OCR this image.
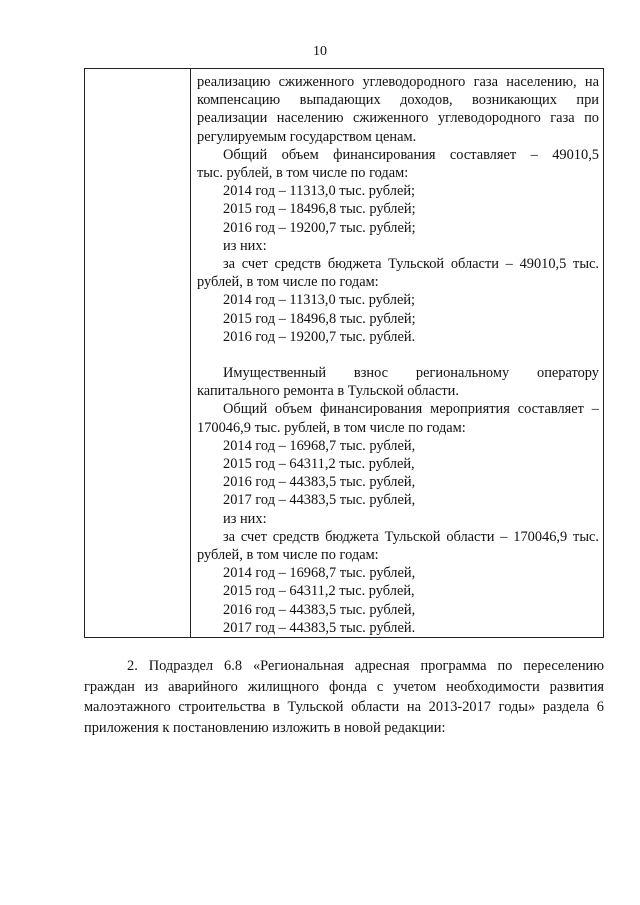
10

реализацию сжиженного углеводородного газа населению, на

компенсацию выпадающих доходов, возникающих при

реализации населению сжиженного углеводородного газа по

регулируемым государством ценам.

Общий объем финансирования составляет – 49010,5

тыс. рублей, в том числе по годам:

2014 год – 11313,0 тыс. рублей;

2015 год – 18496,8 тыс. рублей;

2016 год – 19200,7 тыс. рублей;

из них:

за счет средств бюджета Тульской области – 49010,5 тыс.

рублей, в том числе по годам:

2014 год – 11313,0 тыс. рублей;

2015 год – 18496,8 тыс. рублей;

2016 год – 19200,7 тыс. рублей.

Имущественный взнос региональному оператору

капитального ремонта в Тульской области.

Общий объем финансирования мероприятия составляет –

170046,9 тыс. рублей, в том числе по годам:

2014 год – 16968,7 тыс. рублей,

2015 год – 64311,2 тыс. рублей,

2016 год – 44383,5 тыс. рублей,

2017 год – 44383,5 тыс. рублей,

из них:

за счет средств бюджета Тульской области – 170046,9 тыс.

рублей, в том числе по годам:

2014 год – 16968,7 тыс. рублей,

2015 год – 64311,2 тыс. рублей,

2016 год – 44383,5 тыс. рублей,

2017 год – 44383,5 тыс. рублей.

2. Подраздел 6.8 «Региональная адресная программа по переселению граждан из аварийного жилищного фонда с учетом необходимости развития малоэтажного строительства в Тульской области на 2013-2017 годы» раздела 6 приложения к постановлению изложить в новой редакции:
